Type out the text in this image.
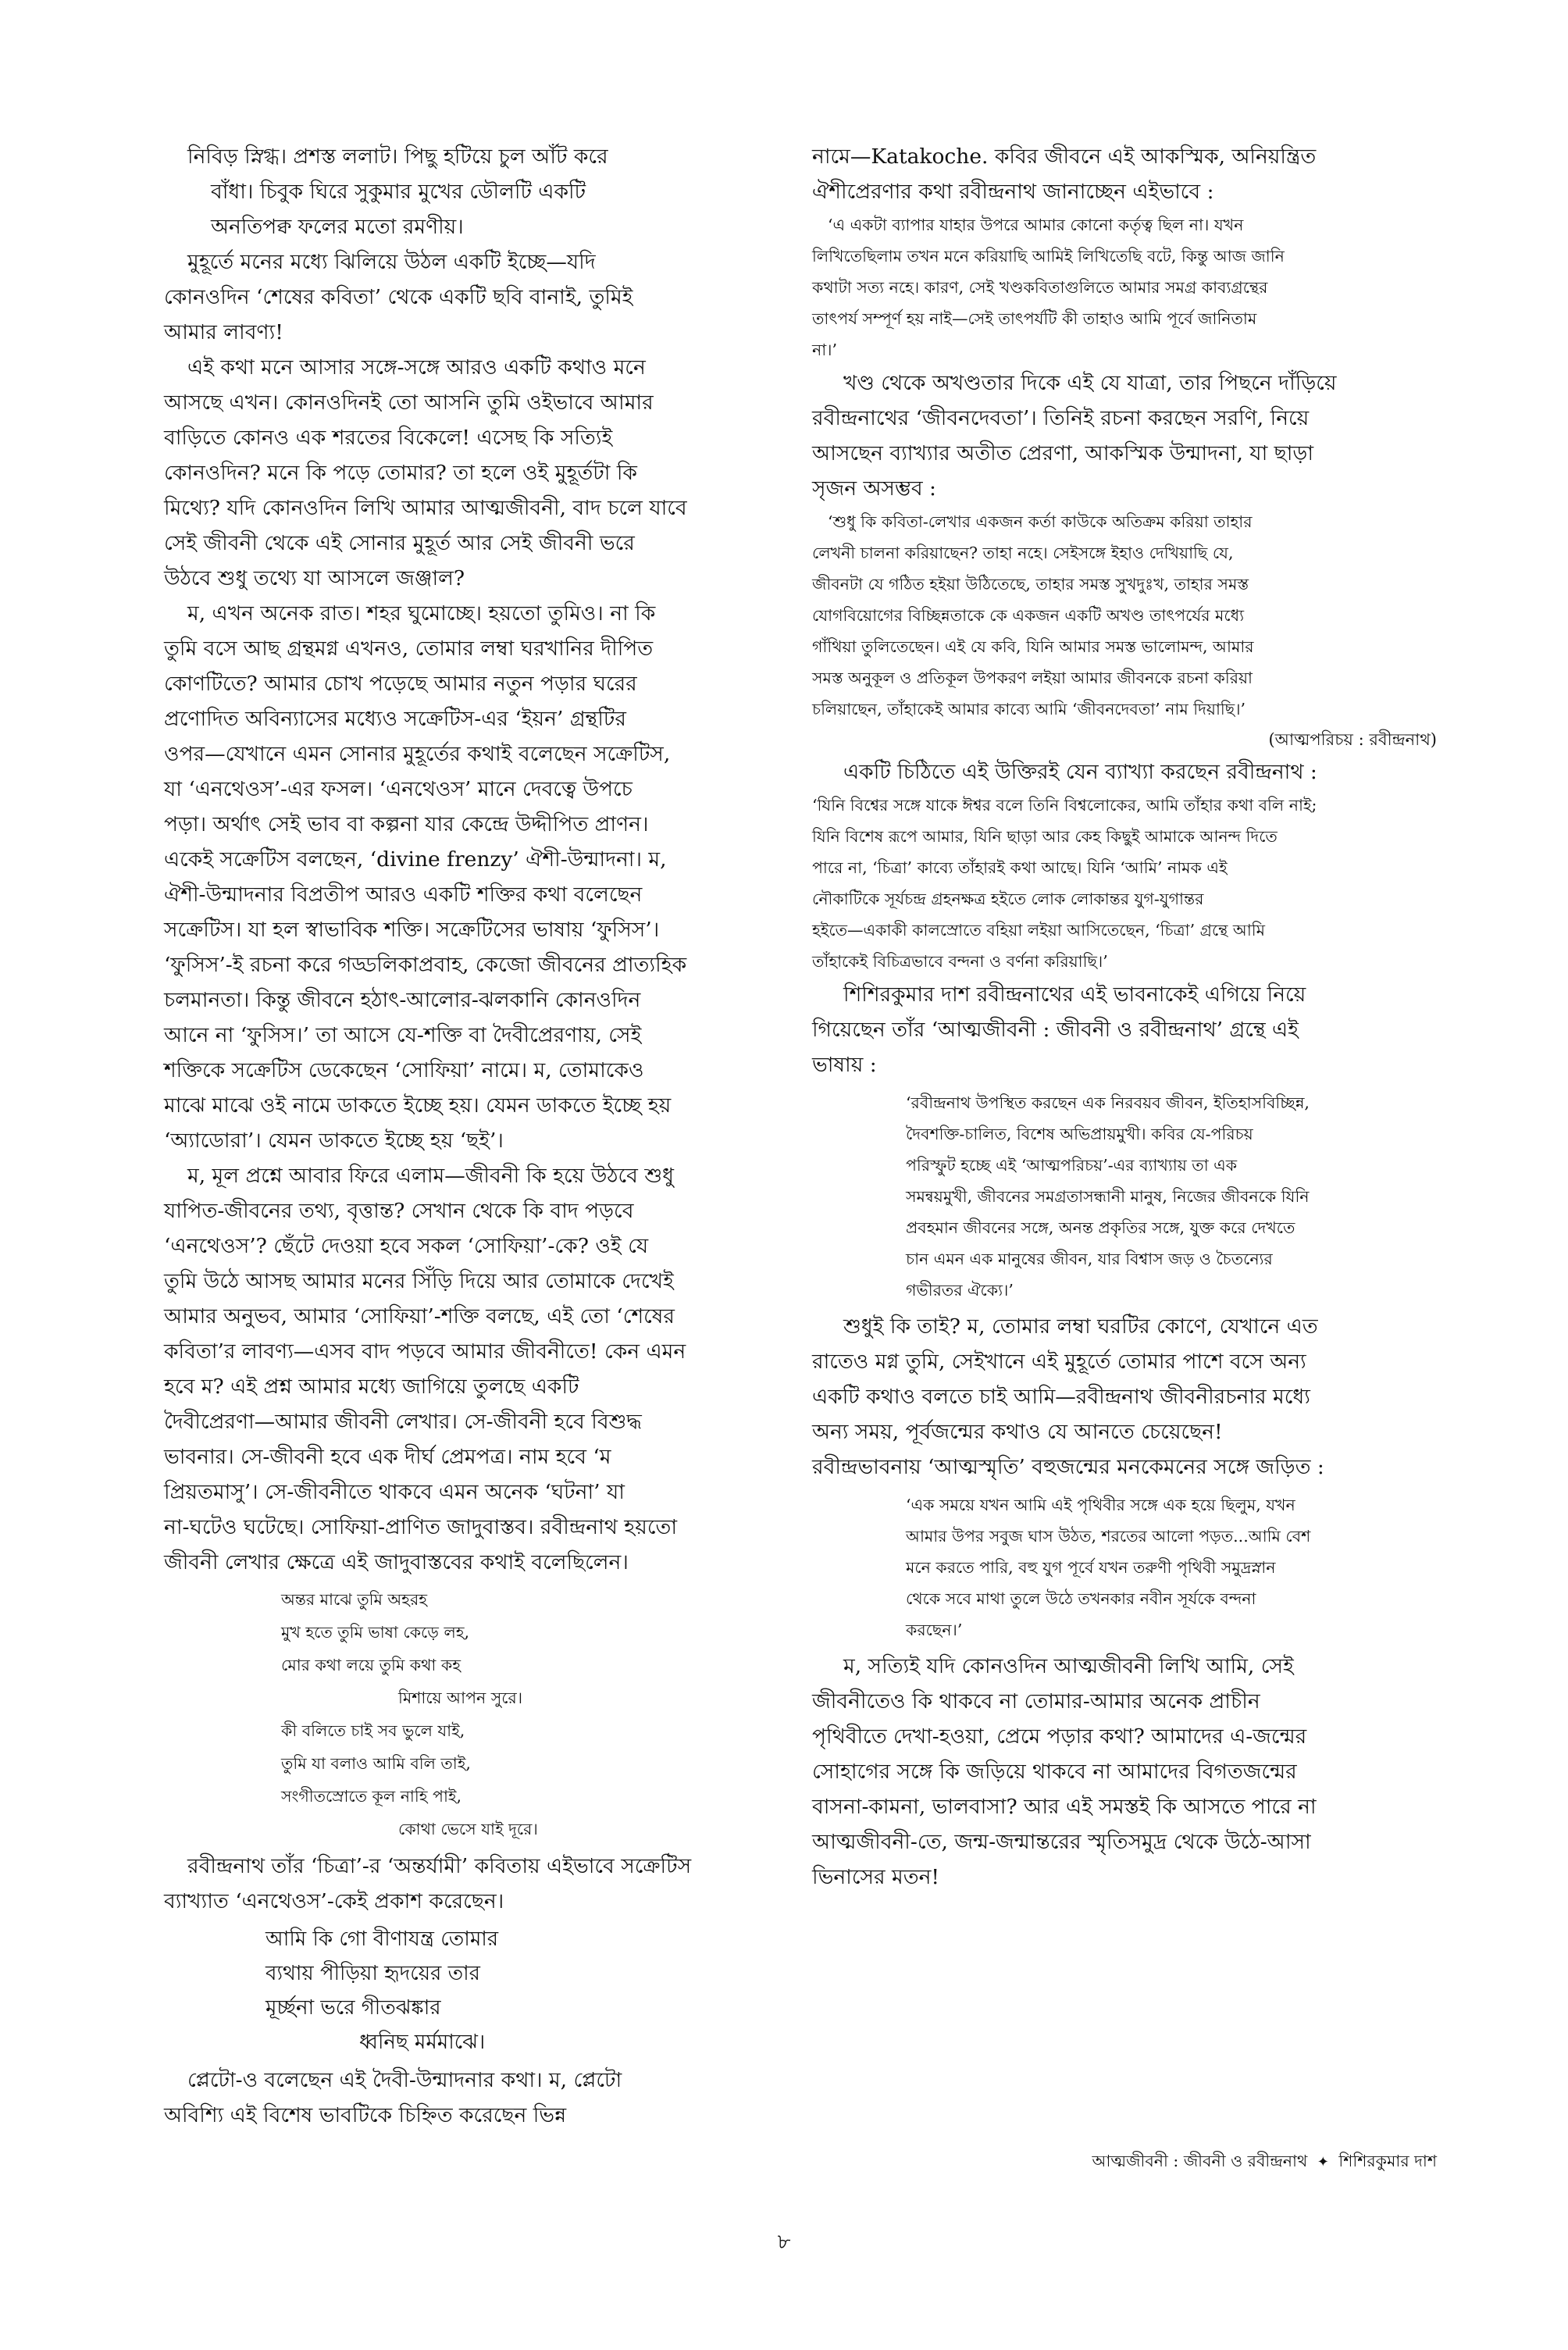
নিবিড় স্নিগ্ধ। প্রশস্ত ললাট। পিছু হটিয়ে চুল আঁট করে
বাঁধা। চিবুক ঘিরে সুকুমার মুখের ডৌলটি একটি
অনতিপক্ব ফলের মতো রমণীয়।
মুহূর্তে মনের মধ্যে ঝিলিয়ে উঠল একটি ইচ্ছে—যদি
কোনওদিন ‘শেষের কবিতা’ থেকে একটি ছবি বানাই, তুমিই
আমার লাবণ্য!
এই কথা মনে আসার সঙ্গে-সঙ্গে আরও একটি কথাও মনে
আসছে এখন। কোনওদিনই তো আসনি তুমি ওইভাবে আমার
বাড়িতে কোনও এক শরতের বিকেলে! এসেছ কি সত্যিই
কোনওদিন? মনে কি পড়ে তোমার? তা হলে ওই মুহূর্তটা কি
মিথ্যে? যদি কোনওদিন লিখি আমার আত্মজীবনী, বাদ চলে যাবে
সেই জীবনী থেকে এই সোনার মুহূর্ত আর সেই জীবনী ভরে
উঠবে শুধু তথ্যে যা আসলে জঞ্জাল?
ম, এখন অনেক রাত। শহর ঘুমোচ্ছে। হয়তো তুমিও। না কি
তুমি বসে আছ গ্রন্থমগ্ন এখনও, তোমার লম্বা ঘরখানির দীপিত
কোণটিতে? আমার চোখ পড়েছে আমার নতুন পড়ার ঘরের
প্রণোদিত অবিন্যাসের মধ্যেও সক্রেটিস-এর ‘ইয়ন’ গ্রন্থটির
ওপর—যেখানে এমন সোনার মুহূর্তের কথাই বলেছেন সক্রেটিস,
যা ‘এনথেওস’-এর ফসল। ‘এনথেওস’ মানে দেবত্বে উপচে
পড়া। অর্থাৎ সেই ভাব বা কল্পনা যার কেন্দ্রে উদ্দীপিত প্রাণন।
একেই সক্রেটিস বলছেন, ‘divine frenzy’ ঐশী-উন্মাদনা। ম,
ঐশী-উন্মাদনার বিপ্রতীপ আরও একটি শক্তির কথা বলেছেন
সক্রেটিস। যা হল স্বাভাবিক শক্তি। সক্রেটিসের ভাষায় ‘ফুসিস’।
‘ফুসিস’-ই রচনা করে গড্ডলিকাপ্রবাহ, কেজো জীবনের প্রাত্যহিক
চলমানতা। কিন্তু জীবনে হঠাৎ-আলোর-ঝলকানি কোনওদিন
আনে না ‘ফুসিস।’ তা আসে যে-শক্তি বা দৈবীপ্রেরণায়, সেই
শক্তিকে সক্রেটিস ডেকেছেন ‘সোফিয়া’ নামে। ম, তোমাকেও
মাঝে মাঝে ওই নামে ডাকতে ইচ্ছে হয়। যেমন ডাকতে ইচ্ছে হয়
‘অ্যাডোরা’। যেমন ডাকতে ইচ্ছে হয় ‘ছই’।
ম, মূল প্রশ্নে আবার ফিরে এলাম—জীবনী কি হয়ে উঠবে শুধু
যাপিত-জীবনের তথ্য, বৃত্তান্ত? সেখান থেকে কি বাদ পড়বে
‘এনথেওস’? ছেঁটে দেওয়া হবে সকল ‘সোফিয়া’-কে? ওই যে
তুমি উঠে আসছ আমার মনের সিঁড়ি দিয়ে আর তোমাকে দেখেই
আমার অনুভব, আমার ‘সোফিয়া’-শক্তি বলছে, এই তো ‘শেষের
কবিতা’র লাবণ্য—এসব বাদ পড়বে আমার জীবনীতে! কেন এমন
হবে ম? এই প্রশ্ন আমার মধ্যে জাগিয়ে তুলছে একটি
দৈবীপ্রেরণা—আমার জীবনী লেখার। সে-জীবনী হবে বিশুদ্ধ
ভাবনার। সে-জীবনী হবে এক দীর্ঘ প্রেমপত্র। নাম হবে ‘ম
প্রিয়তমাসু’। সে-জীবনীতে থাকবে এমন অনেক ‘ঘটনা’ যা
না-ঘটেও ঘটেছে। সোফিয়া-প্রাণিত জাদুবাস্তব। রবীন্দ্রনাথ হয়তো
জীবনী লেখার ক্ষেত্রে এই জাদুবাস্তবের কথাই বলেছিলেন।
অন্তর মাঝে তুমি অহরহ
মুখ হতে তুমি ভাষা কেড়ে লহ,
মোর কথা লয়ে তুমি কথা কহ
মিশায়ে আপন সুরে।
কী বলিতে চাই সব ভুলে যাই,
তুমি যা বলাও আমি বলি তাই,
সংগীতস্রোতে কূল নাহি পাই,
কোথা ভেসে যাই দূরে।
রবীন্দ্রনাথ তাঁর ‘চিত্রা’-র ‘অন্তর্যামী’ কবিতায় এইভাবে সক্রেটিস
ব্যাখ্যাত ‘এনথেওস’-কেই প্রকাশ করেছেন।
আমি কি গো বীণাযন্ত্র তোমার
ব্যথায় পীড়িয়া হৃদয়ের তার
মূর্চ্ছনা ভরে গীতঝঙ্কার
ধ্বনিছ মর্মমাঝে।
প্লেটো-ও বলেছেন এই দৈবী-উন্মাদনার কথা। ম, প্লেটো
অবিশ্যি এই বিশেষ ভাবটিকে চিহ্নিত করেছেন ভিন্ন
নামে—Katakoche. কবির জীবনে এই আকস্মিক, অনিয়ন্ত্রিত
ঐশীপ্রেরণার কথা রবীন্দ্রনাথ জানাচ্ছেন এইভাবে :
‘এ একটা ব্যাপার যাহার উপরে আমার কোনো কর্তৃত্ব ছিল না। যখন
লিখিতেছিলাম তখন মনে করিয়াছি আমিই লিখিতেছি বটে, কিন্তু আজ জানি
কথাটা সত্য নহে। কারণ, সেই খণ্ডকবিতাগুলিতে আমার সমগ্র কাব্যগ্রন্থের
তাৎপর্য সম্পূর্ণ হয় নাই—সেই তাৎপর্যটি কী তাহাও আমি পূর্বে জানিতাম
না।’
খণ্ড থেকে অখণ্ডতার দিকে এই যে যাত্রা, তার পিছনে দাঁড়িয়ে
রবীন্দ্রনাথের ‘জীবনদেবতা’। তিনিই রচনা করছেন সরণি, নিয়ে
আসছেন ব্যাখ্যার অতীত প্রেরণা, আকস্মিক উন্মাদনা, যা ছাড়া
সৃজন অসম্ভব :
‘শুধু কি কবিতা-লেখার একজন কর্তা কাউকে অতিক্রম করিয়া তাহার
লেখনী চালনা করিয়াছেন? তাহা নহে। সেইসঙ্গে ইহাও দেখিয়াছি যে,
জীবনটা যে গঠিত হইয়া উঠিতেছে, তাহার সমস্ত সুখদুঃখ, তাহার সমস্ত
যোগবিয়োগের বিচ্ছিন্নতাকে কে একজন একটি অখণ্ড তাৎপর্যের মধ্যে
গাঁথিয়া তুলিতেছেন। এই যে কবি, যিনি আমার সমস্ত ভালোমন্দ, আমার
সমস্ত অনুকূল ও প্রতিকূল উপকরণ লইয়া আমার জীবনকে রচনা করিয়া
চলিয়াছেন, তাঁহাকেই আমার কাব্যে আমি ‘জীবনদেবতা’ নাম দিয়াছি।’

(আত্মপরিচয় : রবীন্দ্রনাথ)

একটি চিঠিতে এই উক্তিরই যেন ব্যাখ্যা করছেন রবীন্দ্রনাথ :
‘যিনি বিশ্বের সঙ্গে যাকে ঈশ্বর বলে তিনি বিশ্বলোকের, আমি তাঁহার কথা বলি নাই;
যিনি বিশেষ রূপে আমার, যিনি ছাড়া আর কেহ কিছুই আমাকে আনন্দ দিতে
পারে না, ‘চিত্রা’ কাব্যে তাঁহারই কথা আছে। যিনি ‘আমি’ নামক এই
নৌকাটিকে সূর্যচন্দ্র গ্রহনক্ষত্র হইতে লোক লোকান্তর যুগ-যুগান্তর
হইতে—একাকী কালস্রোতে বহিয়া লইয়া আসিতেছেন, ‘চিত্রা’ গ্রন্থে আমি
তাঁহাকেই বিচিত্রভাবে বন্দনা ও বর্ণনা করিয়াছি।’
শিশিরকুমার দাশ রবীন্দ্রনাথের এই ভাবনাকেই এগিয়ে নিয়ে
গিয়েছেন তাঁর ‘আত্মজীবনী : জীবনী ও রবীন্দ্রনাথ’ গ্রন্থে এই
ভাষায় :
‘রবীন্দ্রনাথ উপস্থিত করছেন এক নিরবয়ব জীবন, ইতিহাসবিচ্ছিন্ন,
দৈবশক্তি-চালিত, বিশেষ অভিপ্রায়মুখী। কবির যে-পরিচয়
পরিস্ফুট হচ্ছে এই ‘আত্মপরিচয়’-এর ব্যাখ্যায় তা এক
সমন্বয়মুখী, জীবনের সমগ্রতাসন্ধানী মানুষ, নিজের জীবনকে যিনি
প্রবহমান জীবনের সঙ্গে, অনন্ত প্রকৃতির সঙ্গে, যুক্ত করে দেখতে
চান এমন এক মানুষের জীবন, যার বিশ্বাস জড় ও চৈতন্যের
গভীরতর ঐক্যে।’
শুধুই কি তাই? ম, তোমার লম্বা ঘরটির কোণে, যেখানে এত
রাতেও মগ্ন তুমি, সেইখানে এই মুহূর্তে তোমার পাশে বসে অন্য
একটি কথাও বলতে চাই আমি—রবীন্দ্রনাথ জীবনীরচনার মধ্যে
অন্য সময়, পূর্বজন্মের কথাও যে আনতে চেয়েছেন!
রবীন্দ্রভাবনায় ‘আত্মস্মৃতি’ বহুজন্মের মনকেমনের সঙ্গে জড়িত :
‘এক সময়ে যখন আমি এই পৃথিবীর সঙ্গে এক হয়ে ছিলুম, যখন
আমার উপর সবুজ ঘাস উঠত, শরতের আলো পড়ত...আমি বেশ
মনে করতে পারি, বহু যুগ পূর্বে যখন তরুণী পৃথিবী সমুদ্রস্নান
থেকে সবে মাথা তুলে উঠে তখনকার নবীন সূর্যকে বন্দনা
করছেন।’
ম, সত্যিই যদি কোনওদিন আত্মজীবনী লিখি আমি, সেই
জীবনীতেও কি থাকবে না তোমার-আমার অনেক প্রাচীন
পৃথিবীতে দেখা-হওয়া, প্রেমে পড়ার কথা? আমাদের এ-জন্মের
সোহাগের সঙ্গে কি জড়িয়ে থাকবে না আমাদের বিগতজন্মের
বাসনা-কামনা, ভালবাসা? আর এই সমস্তই কি আসতে পারে না
আত্মজীবনী-তে, জন্ম-জন্মান্তরের স্মৃতিসমুদ্র থেকে উঠে-আসা
ভিনাসের মতন!
আত্মজীবনী : জীবনী ও রবীন্দ্রনাথ ✦ শিশিরকুমার দাশ
৮
